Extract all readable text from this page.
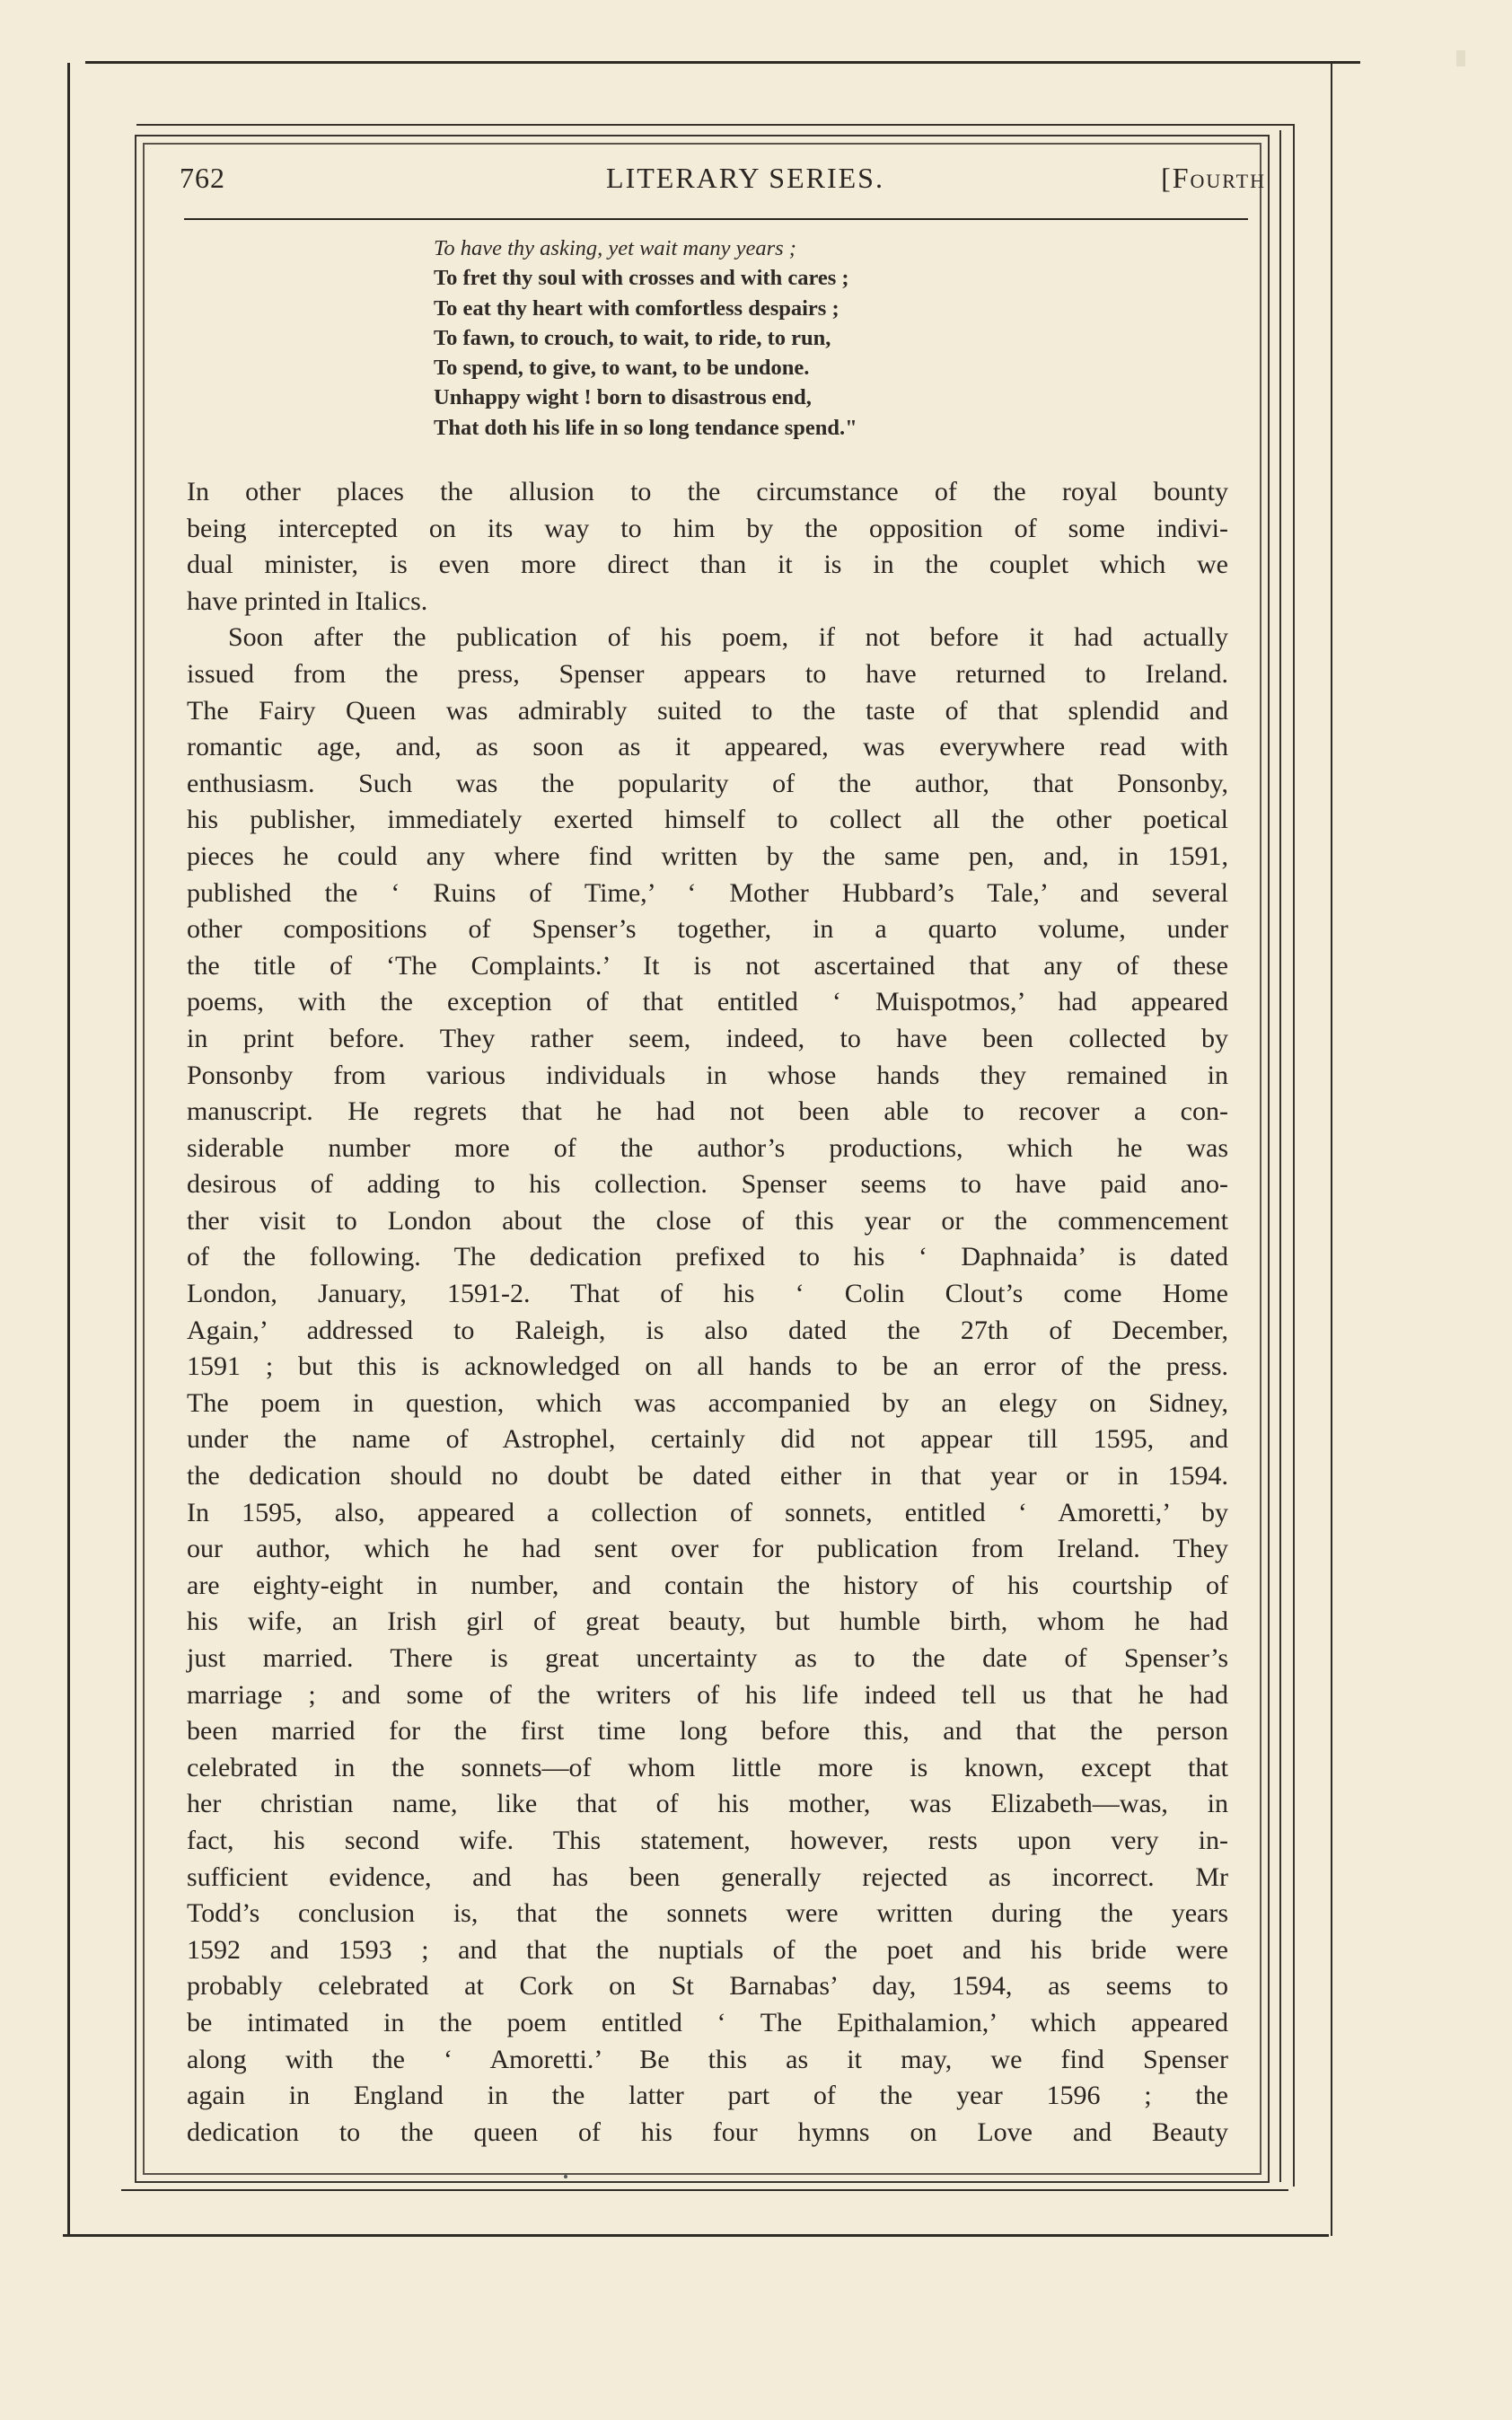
762	LITERARY SERIES.	[Fourth
To have thy asking, yet wait many years ;
To fret thy soul with crosses and with cares ;
To eat thy heart with comfortless despairs ;
To fawn, to crouch, to wait, to ride, to run,
To spend, to give, to want, to be undone.
Unhappy wight ! born to disastrous end,
That doth his life in so long tendance spend."
In other places the allusion to the circumstance of the royal bounty
being intercepted on its way to him by the opposition of some indivi-
dual minister, is even more direct than it is in the couplet which we
have printed in Italics.
Soon after the publication of his poem, if not before it had actually
issued from the press, Spenser appears to have returned to Ireland.
The Fairy Queen was admirably suited to the taste of that splendid and
romantic age, and, as soon as it appeared, was everywhere read with
enthusiasm. Such was the popularity of the author, that Ponsonby,
his publisher, immediately exerted himself to collect all the other poetical
pieces he could any where find written by the same pen, and, in 1591,
published the ‘ Ruins of Time,’ ‘ Mother Hubbard’s Tale,’ and several
other compositions of Spenser’s together, in a quarto volume, under
the title of ‘The Complaints.’ It is not ascertained that any of these
poems, with the exception of that entitled ‘ Muispotmos,’ had appeared
in print before. They rather seem, indeed, to have been collected by
Ponsonby from various individuals in whose hands they remained in
manuscript. He regrets that he had not been able to recover a con-
siderable number more of the author’s productions, which he was
desirous of adding to his collection. Spenser seems to have paid ano-
ther visit to London about the close of this year or the commencement
of the following. The dedication prefixed to his ‘ Daphnaida’ is dated
London, January, 1591-2. That of his ‘ Colin Clout’s come Home
Again,’ addressed to Raleigh, is also dated the 27th of December,
1591 ; but this is acknowledged on all hands to be an error of the press.
The poem in question, which was accompanied by an elegy on Sidney,
under the name of Astrophel, certainly did not appear till 1595, and
the dedication should no doubt be dated either in that year or in 1594.
In 1595, also, appeared a collection of sonnets, entitled ‘ Amoretti,’ by
our author, which he had sent over for publication from Ireland. They
are eighty-eight in number, and contain the history of his courtship of
his wife, an Irish girl of great beauty, but humble birth, whom he had
just married. There is great uncertainty as to the date of Spenser’s
marriage ; and some of the writers of his life indeed tell us that he had
been married for the first time long before this, and that the person
celebrated in the sonnets—of whom little more is known, except that
her christian name, like that of his mother, was Elizabeth—was, in
fact, his second wife. This statement, however, rests upon very in-
sufficient evidence, and has been generally rejected as incorrect. Mr
Todd’s conclusion is, that the sonnets were written during the years
1592 and 1593 ; and that the nuptials of the poet and his bride were
probably celebrated at Cork on St Barnabas’ day, 1594, as seems to
be intimated in the poem entitled ‘ The Epithalamion,’ which appeared
along with the ‘ Amoretti.’ Be this as it may, we find Spenser
again in England in the latter part of the year 1596 ; the
dedication to the queen of his four hymns on Love and Beauty
